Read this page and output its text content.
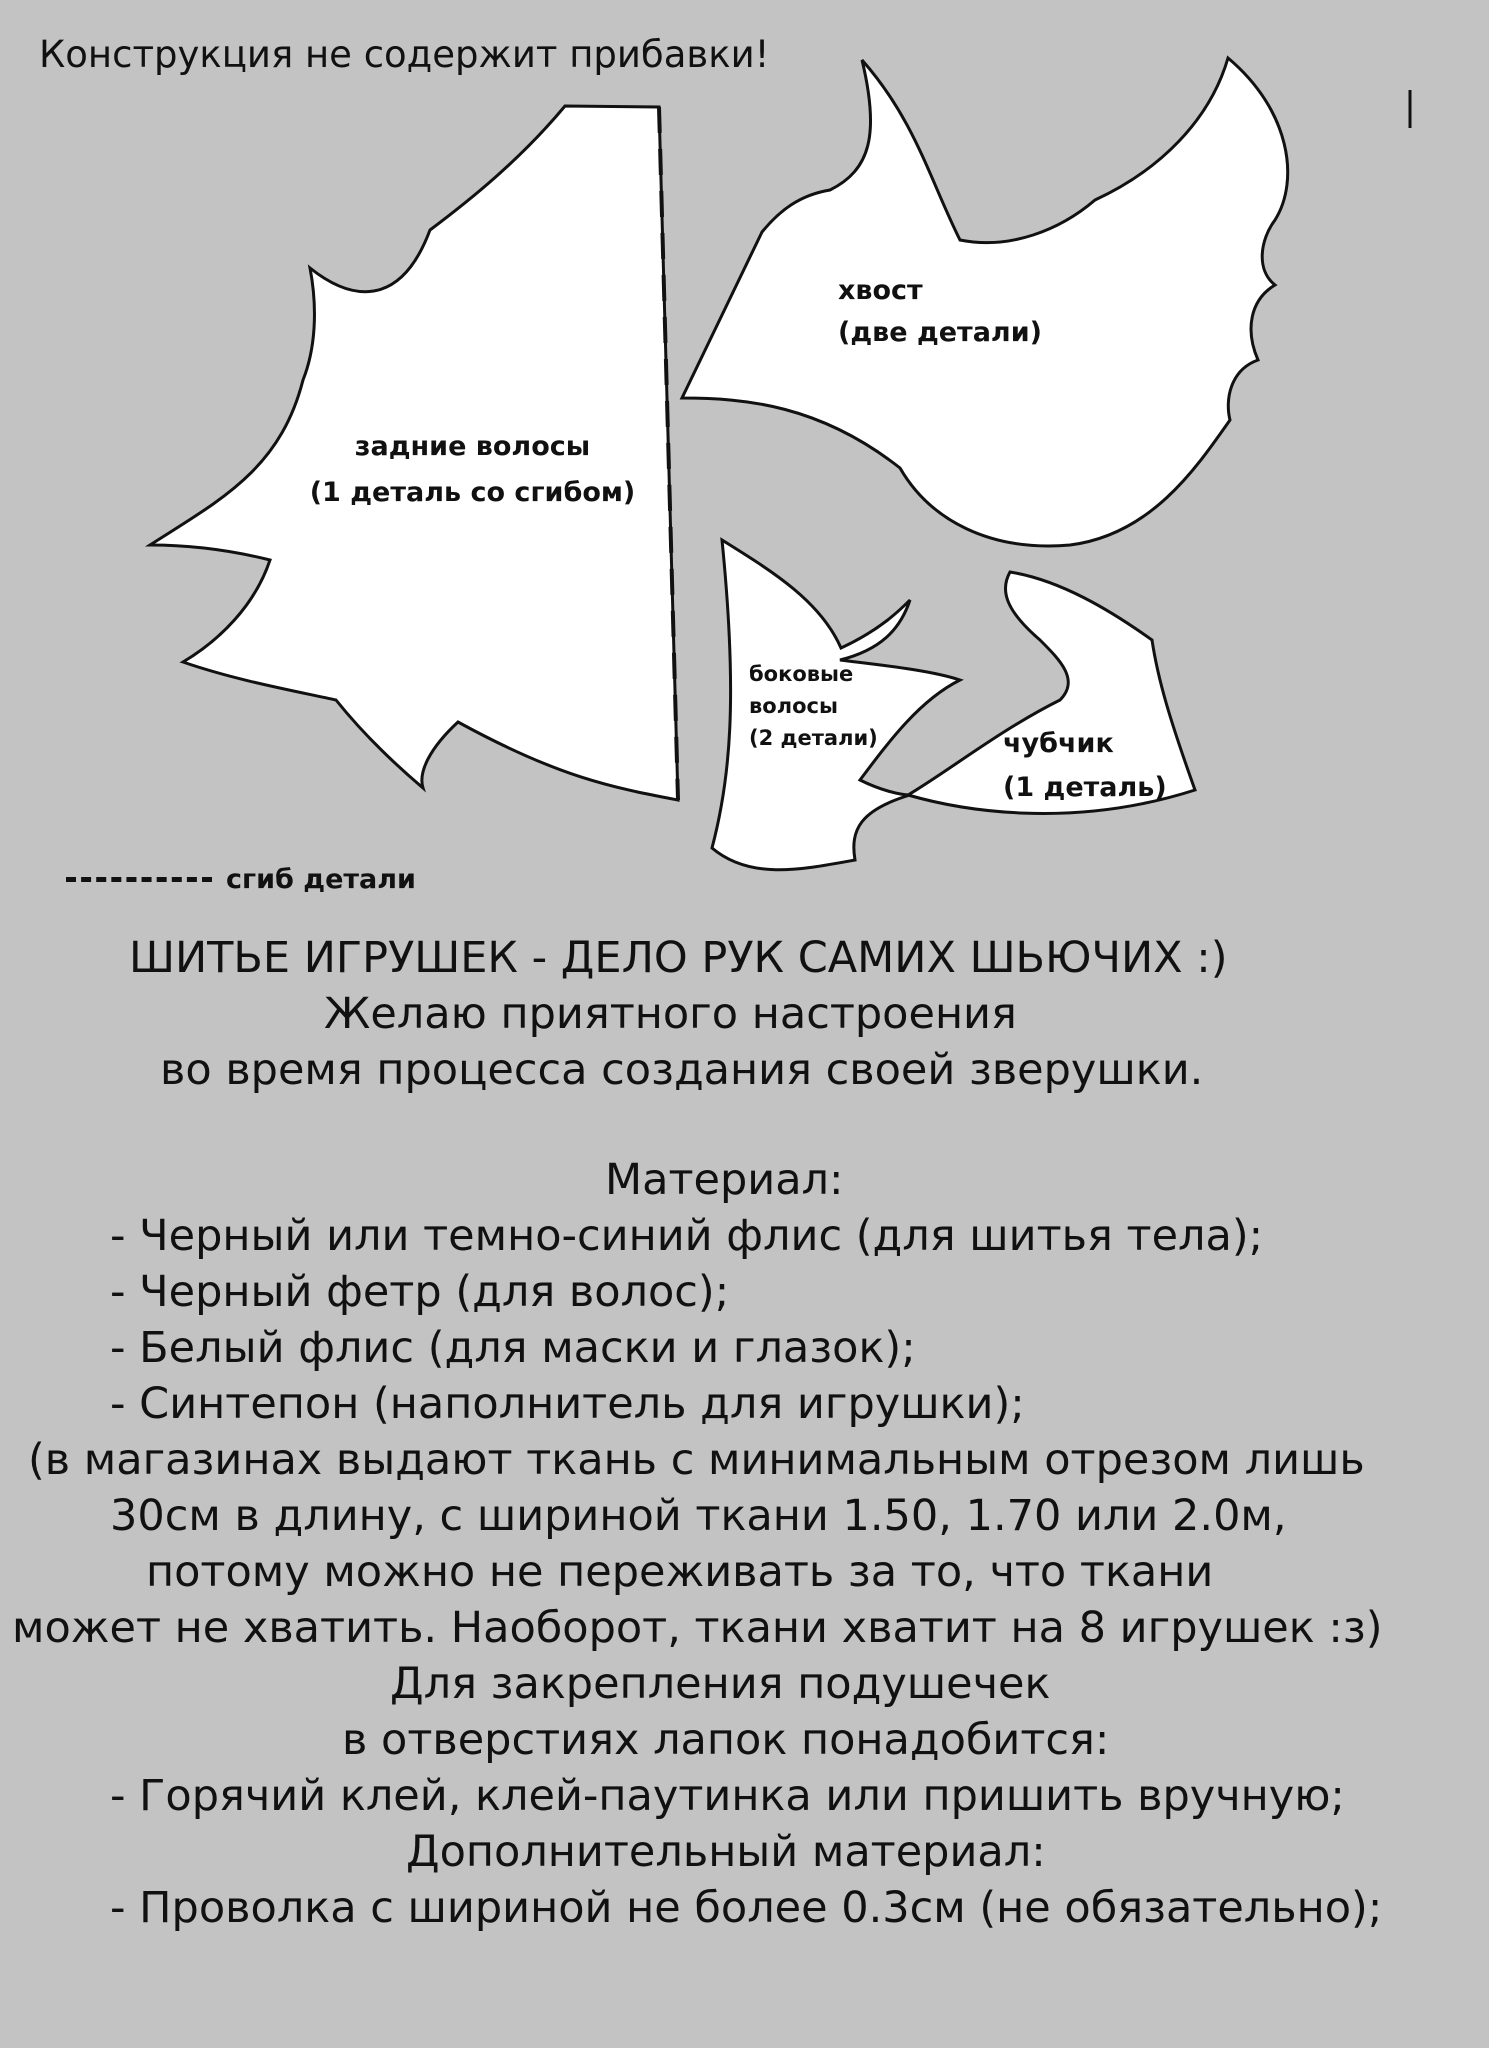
Конструкция не содержит прибавки!
задние волосы
(1 деталь со сгибом)
хвост
(две детали)
боковые
волосы
(2 детали)	чубчик
(1 деталь)
сгиб детали
ШИТЬЕ ИГРУШЕК - ДЕЛО РУК САМИХ ШЬЮЧИХ :)
Желаю приятного настроения
во время процесса создания своей зверушки.
Материал:
- Черный или темно-синий флис (для шитья тела);
- Черный фетр (для волос);
- Белый флис (для маски и глазок);
- Синтепон (наполнитель для игрушки);
(в магазинах выдают ткань с минимальным отрезом лишь
30см в длину, с шириной ткани 1.50, 1.70 или 2.0м,
потому можно не переживать за то, что ткани
может не хватить. Наоборот, ткани хватит на 8 игрушек :з)
Для закрепления подушечек
в отверстиях лапок понадобится:
- Горячий клей, клей-паутинка или пришить вручную;
Дополнительный материал:
- Проволка с шириной не более 0.3см (не обязательно);
